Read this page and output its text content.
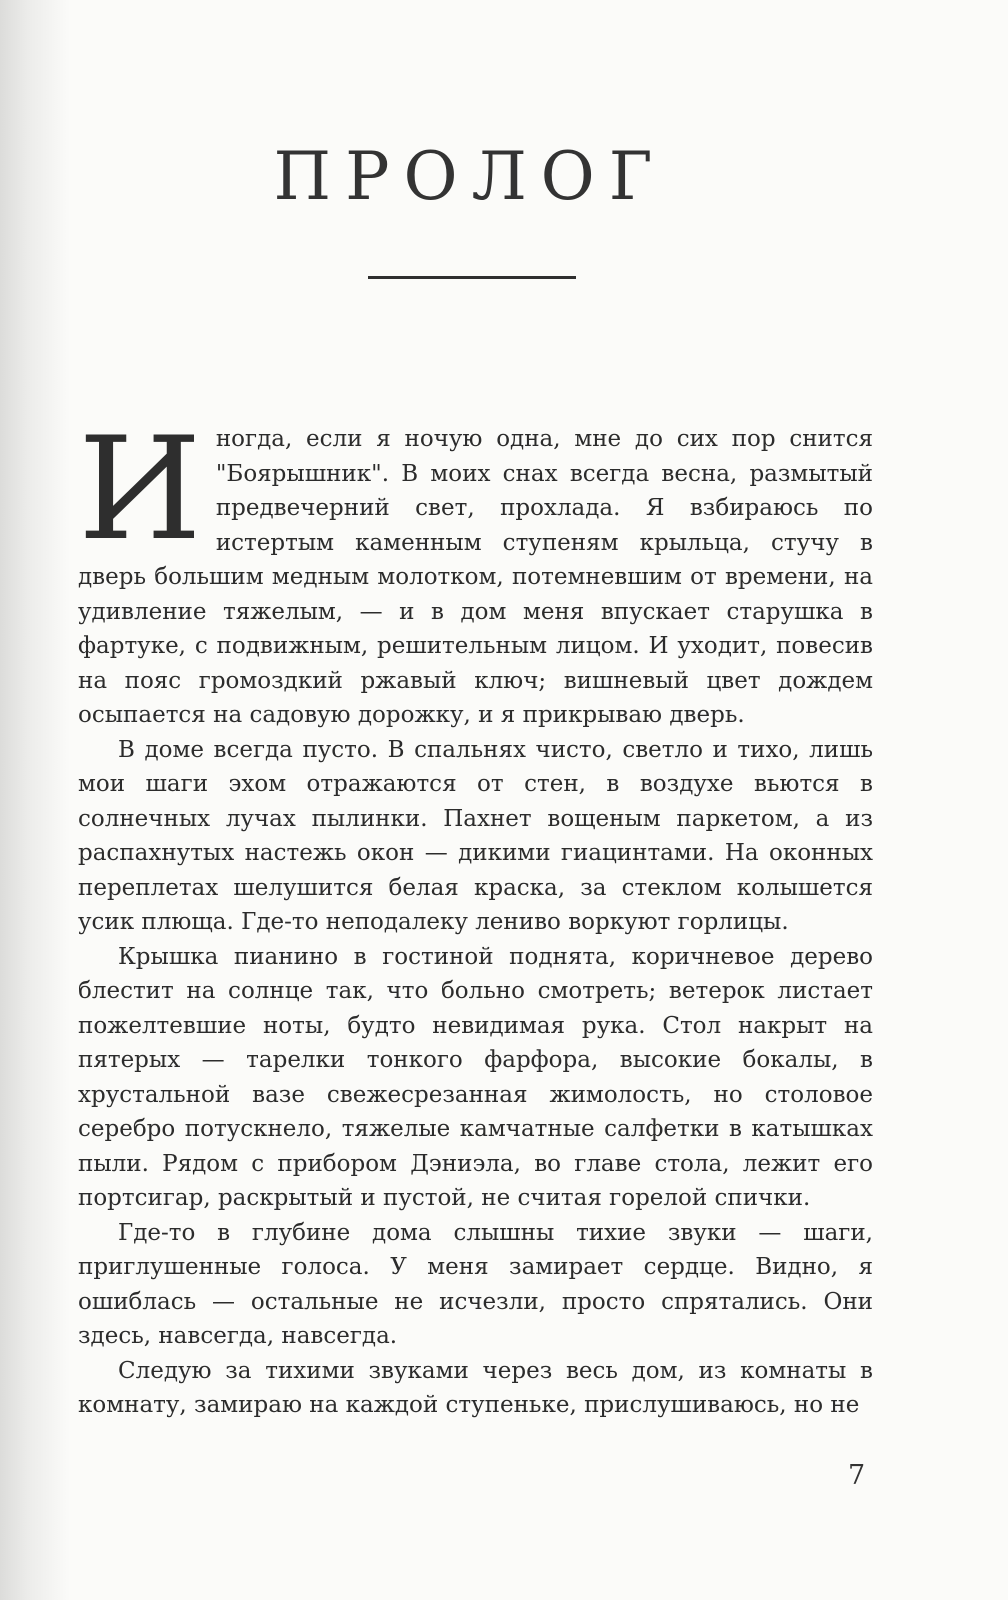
ПРОЛОГ

Иногда, если я ночую одна, мне до сих пор снится "Боярышник". В моих снах всегда весна, размытый предвечерний свет, прохлада. Я взбираюсь по истертым каменным ступеням крыльца, стучу в дверь большим медным молотком, потемневшим от времени, на удивление тяжелым, — и в дом меня впускает старушка в фартуке, с подвижным, решительным лицом. И уходит, повесив на пояс громоздкий ржавый ключ; вишневый цвет дождем осыпается на садовую дорожку, и я прикрываю дверь.

В доме всегда пусто. В спальнях чисто, светло и тихо, лишь мои шаги эхом отражаются от стен, в воздухе вьются в солнечных лучах пылинки. Пахнет вощеным паркетом, а из распахнутых настежь окон — дикими гиацинтами. На оконных переплетах шелушится белая краска, за стеклом колышется усик плюща. Где-то неподалеку лениво воркуют горлицы.

Крышка пианино в гостиной поднята, коричневое дерево блестит на солнце так, что больно смотреть; ветерок листает пожелтевшие ноты, будто невидимая рука. Стол накрыт на пятерых — тарелки тонкого фарфора, высокие бокалы, в хрустальной вазе свежесрезанная жимолость, но столовое серебро потускнело, тяжелые камчатные салфетки в катышках пыли. Рядом с прибором Дэниэла, во главе стола, лежит его портсигар, раскрытый и пустой, не считая горелой спички.

Где-то в глубине дома слышны тихие звуки — шаги, приглушенные голоса. У меня замирает сердце. Видно, я ошиблась — остальные не исчезли, просто спрятались. Они здесь, навсегда, навсегда.

Следую за тихими звуками через весь дом, из комнаты в комнату, замираю на каждой ступеньке, прислушиваюсь, но не

7
